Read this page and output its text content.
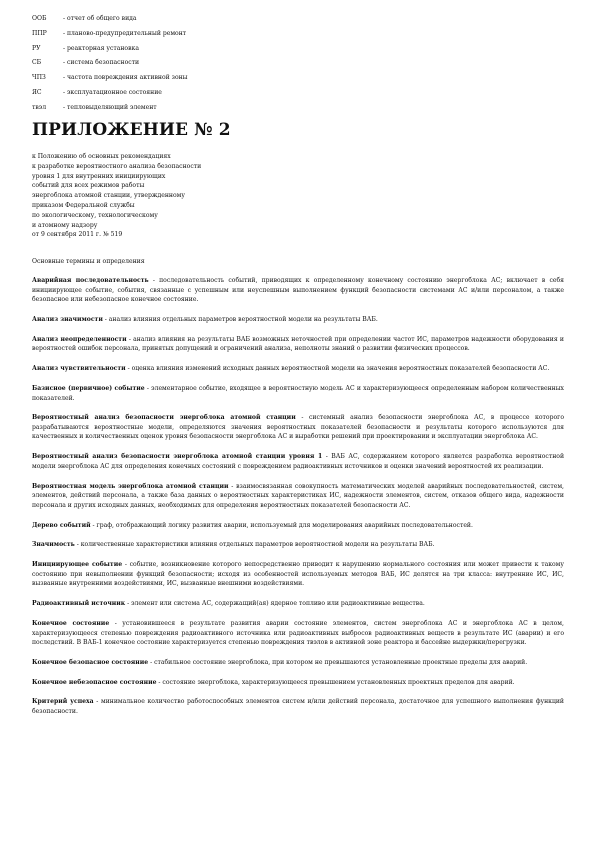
ООБ	- отчет об общего вида
ППР	- планово-предупредительный ремонт
РУ	- реакторная установка
СБ	- система безопасности
ЧПЗ	- частота повреждения активной зоны
ЯС	- эксплуатационное состояние
твэл	- тепловыделяющий элемент
ПРИЛОЖЕНИЕ № 2
к Положению об основных рекомендациях
к разработке вероятностного анализа безопасности
уровня 1 для внутренних инициирующих
событий для всех режимов работы
энергоблока атомной станции, утвержденному
приказом Федеральной службы
по экологическому, технологическому
и атомному надзору
от 9 сентября 2011 г. № 519
Основные термины и определения

Аварийная последовательность - последовательность событий, приводящих к определенному конечному состоянию энергоблока АС; включает в себя инициирующее событие, события, связанные с успешным или неуспешным выполнением функций безопасности системами АС и/или персоналом, а также безопасное или небезопасное конечное состояние.

Анализ значимости - анализ влияния отдельных параметров вероятностной модели на результаты ВАБ.

Анализ неопределенности - анализ влияния на результаты ВАБ возможных неточностей при определении частот ИС, параметров надежности оборудования и вероятностей ошибок персонала, принятых допущений и ограничений анализа, неполноты знаний о развитии физических процессов.

Анализ чувствительности - оценка влияния изменений исходных данных вероятностной модели на значения вероятностных показателей безопасности АС.

Базисное (первичное) событие - элементарное событие, входящее в вероятностную модель АС и характеризующееся определенным набором количественных показателей.

Вероятностный анализ безопасности энергоблока атомной станции - системный анализ безопасности энергоблока АС, в процессе которого разрабатываются вероятностные модели, определяются значения вероятностных показателей безопасности и результаты которого используются для качественных и количественных оценок уровня безопасности энергоблока АС и выработки решений при проектировании и эксплуатации энергоблока АС.

Вероятностный анализ безопасности энергоблока атомной станции уровня 1 - ВАБ АС, содержанием которого является разработка вероятностной модели энергоблока АС для определения конечных состояний с повреждением радиоактивных источников и оценки значений вероятностей их реализации.

Вероятностная модель энергоблока атомной станции - взаимосвязанная совокупность математических моделей аварийных последовательностей, систем, элементов, действий персонала, а также база данных о вероятностных характеристиках ИС, надежности элементов, систем, отказов общего вида, надежности персонала и других исходных данных, необходимых для определения вероятностных показателей безопасности АС.

Дерево событий - граф, отображающий логику развития аварии, используемый для моделирования аварийных последовательностей.

Значимость - количественные характеристики влияния отдельных параметров вероятностной модели на результаты ВАБ.

Инициирующее событие - событие, возникновение которого непосредственно приводит к нарушению нормального состояния или может привести к такому состоянию при невыполнении функций безопасности; исходя из особенностей используемых методов ВАБ, ИС делятся на три класса: внутренние ИС, ИС, вызванные внутренними воздействиями, ИС, вызванные внешними воздействиями.

Радиоактивный источник - элемент или система АС, содержащий(ая) ядерное топливо или радиоактивные вещества.

Конечное состояние - установившееся в результате развития аварии состояние элементов, систем энергоблока АС и энергоблока АС в целом, характеризующееся степенью повреждения радиоактивного источника или радиоактивных выбросов радиоактивных веществ в результате ИС (аварии) и его последствий. В ВАБ-1 конечное состояние характеризуется степенью повреждения твэлов в активной зоне реактора и бассейне выдержки/перегрузки.

Конечное безопасное состояние - стабильное состояние энергоблока, при котором не превышаются установленные проектные пределы для аварий.

Конечное небезопасное состояние - состояние энергоблока, характеризующееся превышением установленных проектных пределов для аварий.

Критерий успеха - минимальное количество работоспособных элементов систем и/или действий персонала, достаточное для успешного выполнения функций безопасности.
